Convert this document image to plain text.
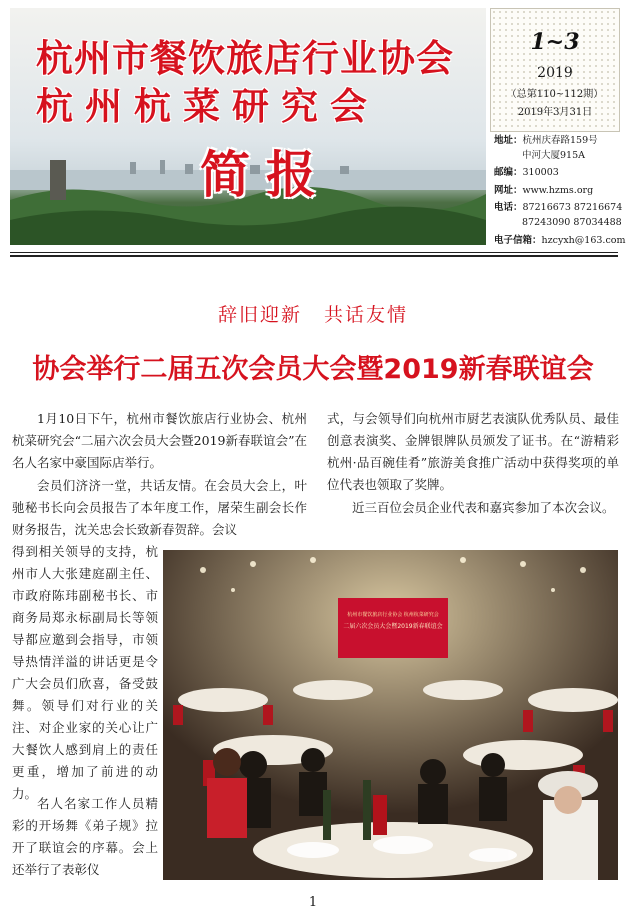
杭州市餐饮旅店行业协会
杭州杭菜研究会
简报
1~3
2019
（总第110~112期）
2019年3月31日
地址：杭州庆春路159号
中河大厦915A
邮编：310003
网址：www.hzms.org
电话：87216673 87216674
87243090 87034488
电子信箱：hzcyxh@163.com
辞旧迎新 共话友情
协会举行二届五次会员大会暨2019新春联谊会
1月10日下午，杭州市餐饮旅店行业协会、杭州杭菜研究会“二届六次会员大会暨2019新春联谊会”在名人名家中豪国际店举行。
会员们济济一堂，共话友情。在会员大会上，叶驰秘书长向会员报告了本年度工作，屠荣生副会长作财务报告，沈关忠会长致新春贺辞。会议
得到相关领导的支持，杭州市人大张建庭副主任、市政府陈玮副秘书长、市商务局郑永标副局长等领导都应邀到会指导，市领导热情洋溢的讲话更是令广大会员们欣喜，备受鼓舞。领导们对行业的关注、对企业家的关心让广大餐饮人感到肩上的责任更重，增加了前进的动力。
名人名家工作人员精彩的开场舞《弟子规》拉开了联谊会的序幕。会上还举行了表彰仪
式，与会领导们向杭州市厨艺表演队优秀队员、最佳创意表演奖、金牌银牌队员颁发了证书。在“游精彩杭州·品百碗佳肴”旅游美食推广活动中获得奖项的单位代表也领取了奖牌。
近三百位会员企业代表和嘉宾参加了本次会议。
杭州市餐饮旅店行业协会 杭州杭菜研究会
二届六次会员大会暨2019新春联谊会
1
